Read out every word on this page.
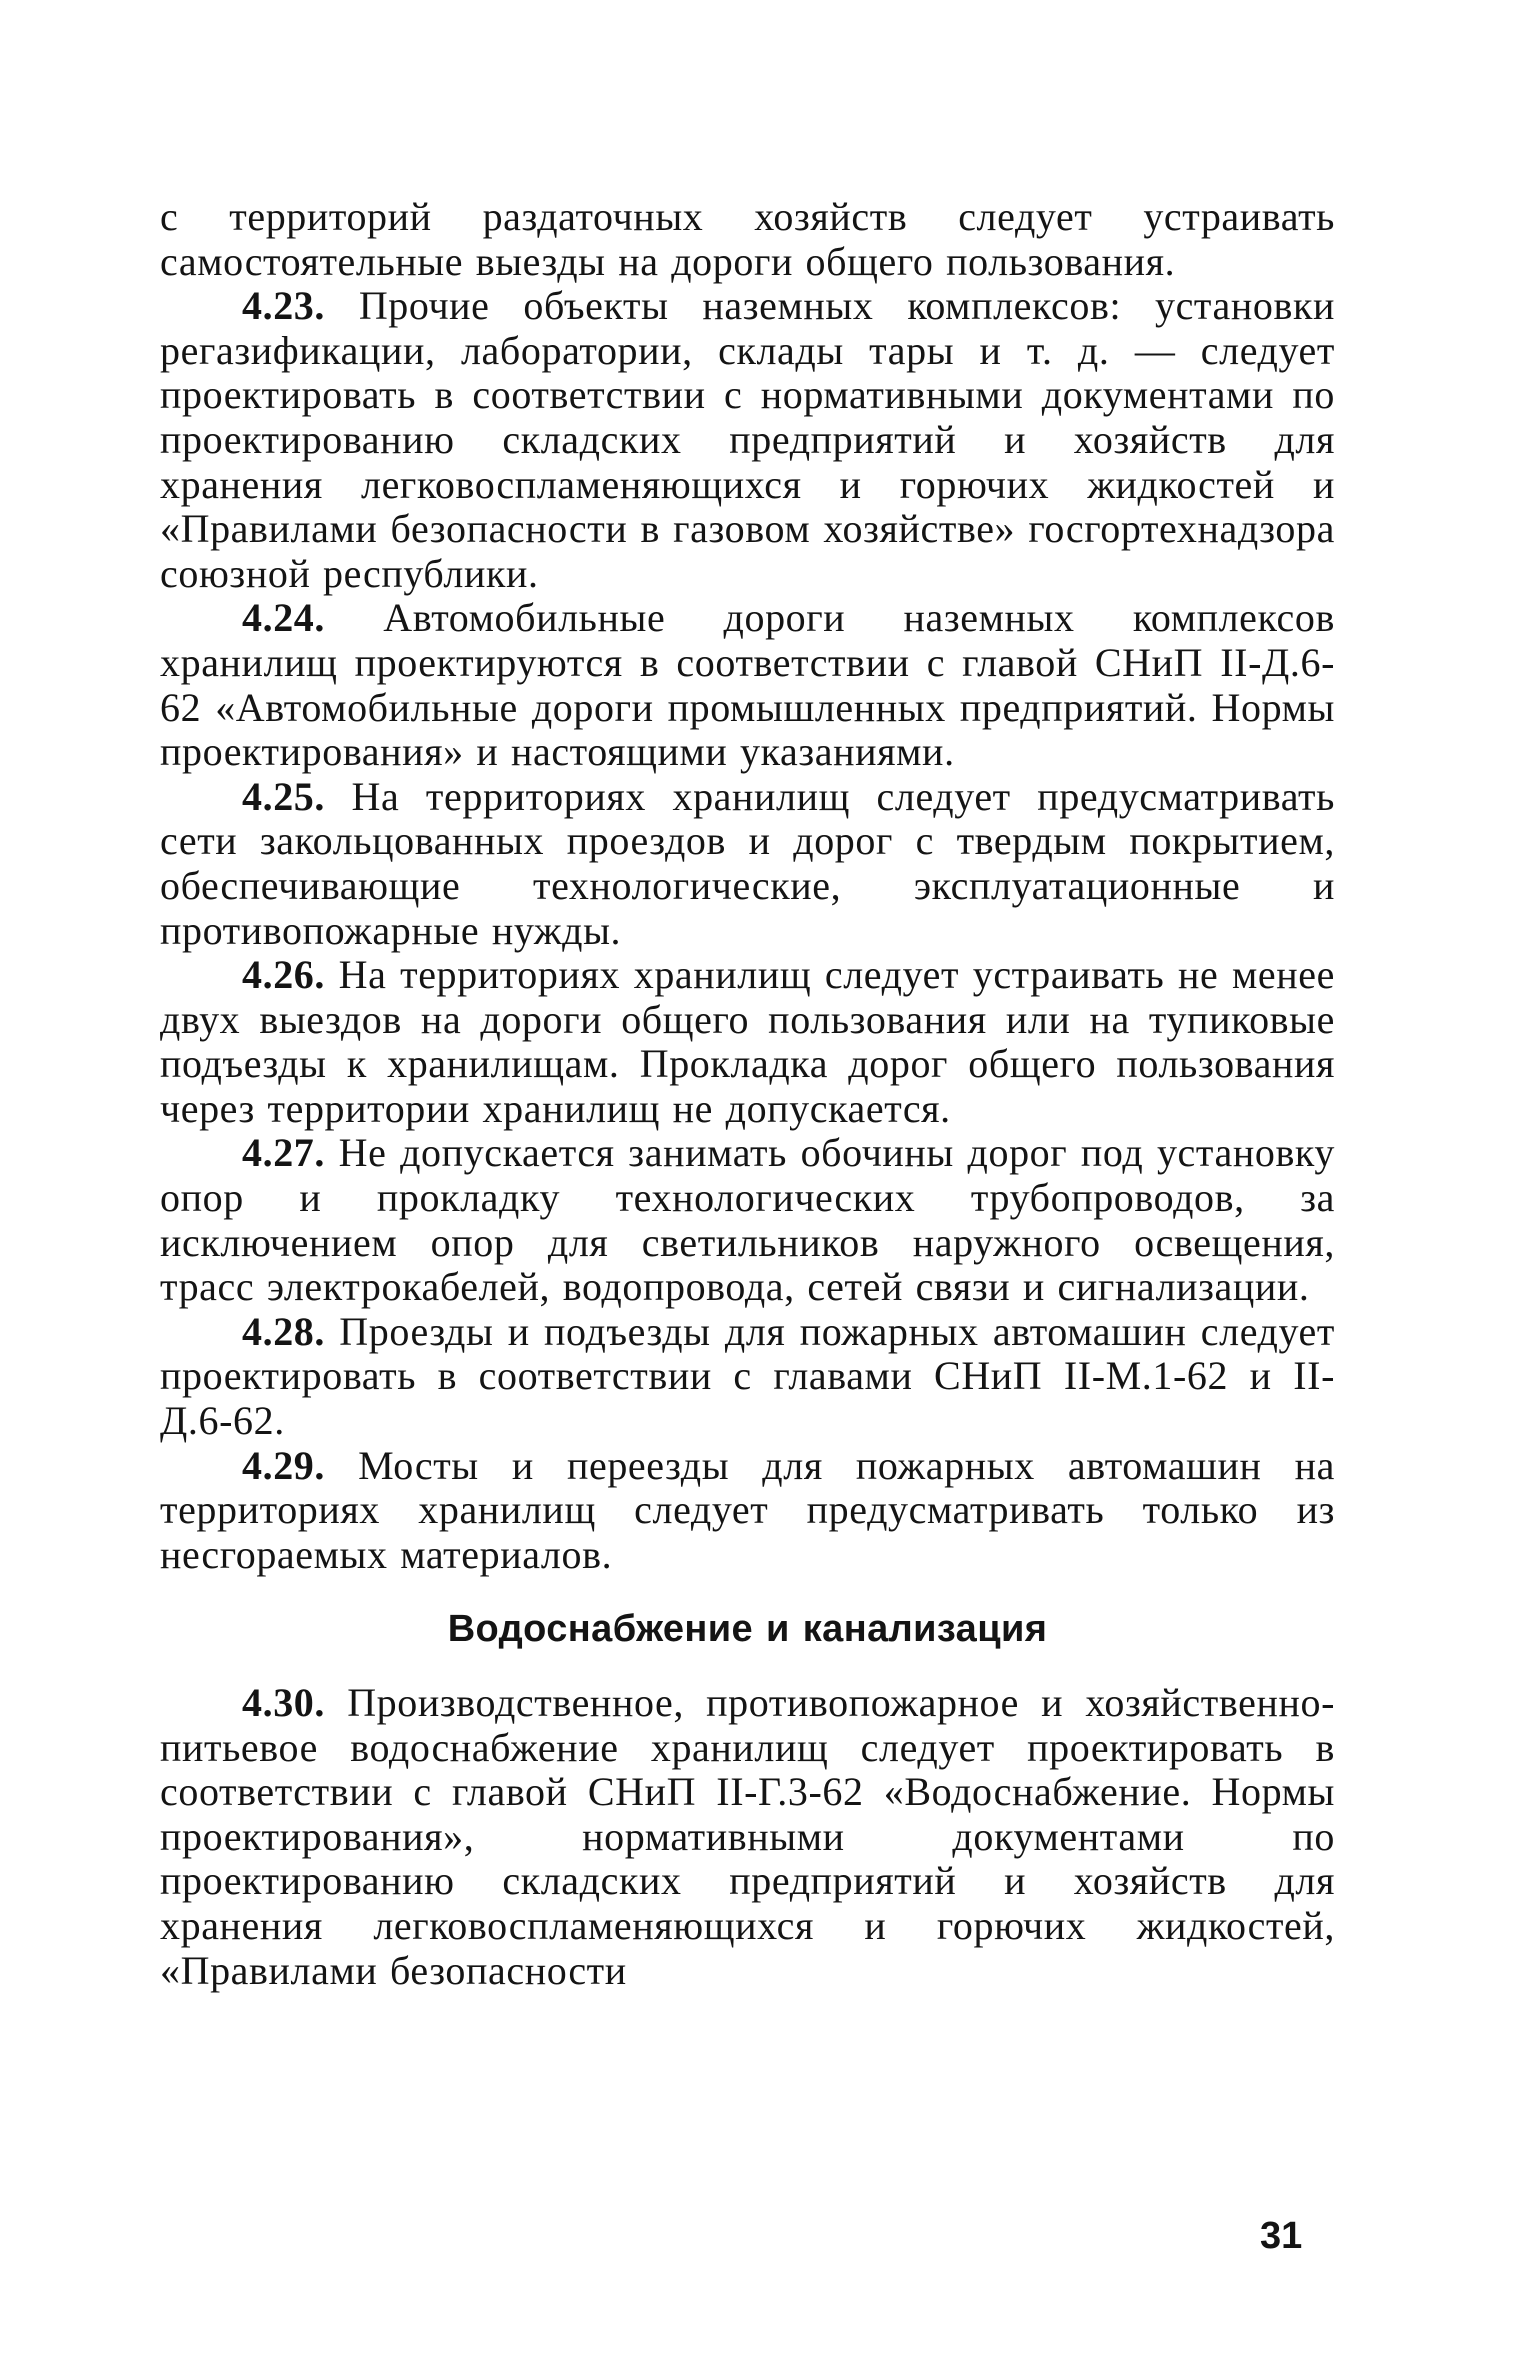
с территорий раздаточных хозяйств следует устраивать самостоятельные выезды на дороги общего пользования.

4.23. Прочие объекты наземных комплексов: установки регазификации, лаборатории, склады тары и т. д. — следует проектировать в соответствии с нормативными документами по проектированию складских предприятий и хозяйств для хранения легковоспламеняющихся и горючих жидкостей и «Правилами безопасности в газовом хозяйстве» госгортехнадзора союзной республики.

4.24. Автомобильные дороги наземных комплексов хранилищ проектируются в соответствии с главой СНиП II-Д.6-62 «Автомобильные дороги промышленных предприятий. Нормы проектирования» и настоящими указаниями.

4.25. На территориях хранилищ следует предусматривать сети закольцованных проездов и дорог с твердым покрытием, обеспечивающие технологические, эксплуатационные и противопожарные нужды.

4.26. На территориях хранилищ следует устраивать не менее двух выездов на дороги общего пользования или на тупиковые подъезды к хранилищам. Прокладка дорог общего пользования через территории хранилищ не допускается.

4.27. Не допускается занимать обочины дорог под установку опор и прокладку технологических трубопроводов, за исключением опор для светильников наружного освещения, трасс электрокабелей, водопровода, сетей связи и сигнализации.

4.28. Проезды и подъезды для пожарных автомашин следует проектировать в соответствии с главами СНиП II-М.1-62 и II-Д.6-62.

4.29. Мосты и переезды для пожарных автомашин на территориях хранилищ следует предусматривать только из несгораемых материалов.

Водоснабжение и канализация

4.30. Производственное, противопожарное и хозяйственно-питьевое водоснабжение хранилищ следует проектировать в соответствии с главой СНиП II-Г.3-62 «Водоснабжение. Нормы проектирования», нормативными документами по проектированию складских предприятий и хозяйств для хранения легковоспламеняющихся и горючих жидкостей, «Правилами безопасности

31
